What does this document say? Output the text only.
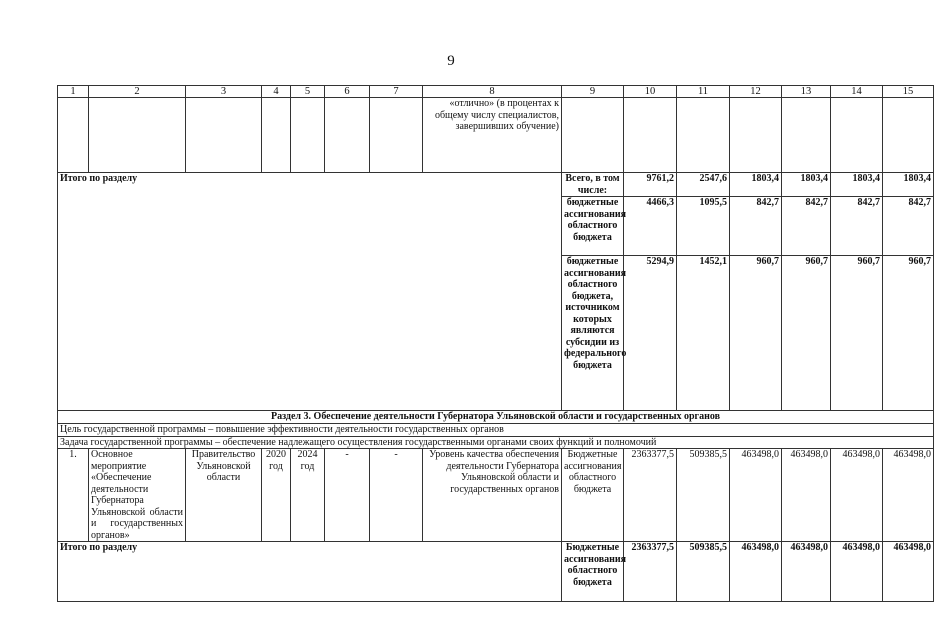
9
1	2	3	4	5	6	7	8	9	10	11	12	13	14	15
							«отлично» (в процентах к общему числу специалистов, завершивших обучение)							
Итого по разделу								Всего, в том числе:	9761,2	2547,6	1803,4	1803,4	1803,4	1803,4
								бюджетные ассигнования областного бюджета	4466,3	1095,5	842,7	842,7	842,7	842,7
								бюджетные ассигнования областного бюджета, источником которых являются субсидии из федерального бюджета	5294,9	1452,1	960,7	960,7	960,7	960,7
Раздел 3. Обеспечение деятельности Губернатора Ульяновской области и государственных органов														
Цель государственной программы – повышение эффективности деятельности государственных органов														
Задача государственной программы – обеспечение надлежащего осуществления государственными органами своих функций и полномочий														
1.	Основное мероприятие «Обеспечение деятельности Губернатора Ульяновской области и государственных органов»	Правительство Ульяновской области	2020 год	2024 год	-	-	Уровень качества обеспечения деятельности Губернатора Ульяновской области и государственных органов	Бюджетные ассигнования областного бюджета	2363377,5	509385,5	463498,0	463498,0	463498,0	463498,0
Итого по разделу								Бюджетные ассигнования областного бюджета	2363377,5	509385,5	463498,0	463498,0	463498,0	463498,0
